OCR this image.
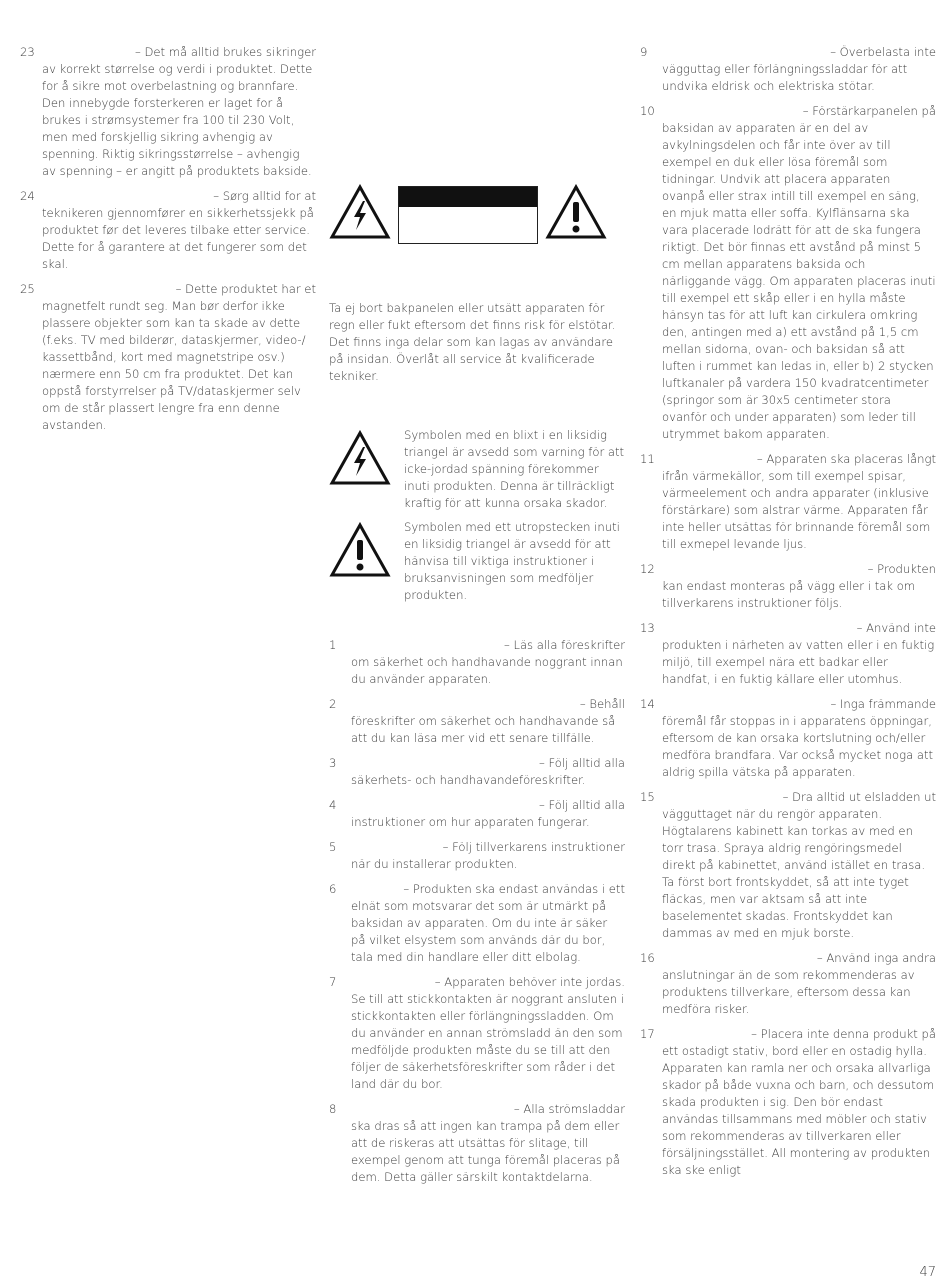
23	– Det må alltid brukes sikringer

av korrekt størrelse og verdi i produktet. Dette for å sikre mot overbelastning og brannfare. Den innebygde forsterkeren er laget for å brukes i strømsystemer fra 100 til 230 Volt, men med forskjellig sikring avhengig av spenning. Riktig sikringsstørrelse – avhengig av spenning – er angitt på produktets bakside.

24	– Sørg alltid for at

teknikeren gjennomfører en sikkerhetssjekk på produktet før det leveres tilbake etter service. Dette for å garantere at det fungerer som det skal.

25	– Dette produktet har et

magnetfelt rundt seg. Man bør derfor ikke plassere objekter som kan ta skade av dette (f.eks. TV med bilderør, dataskjermer, video-/ kassettbånd, kort med magnetstripe osv.) nærmere enn 50 cm fra produktet. Det kan oppstå forstyrrelser på TV/dataskjermer selv om de står plassert lengre fra enn denne avstanden.

Ta ej bort bakpanelen eller utsätt apparaten för regn eller fukt eftersom det finns risk för elstötar. Det finns inga delar som kan lagas av användare på insidan. Överlåt all service åt kvalificerade tekniker.

Symbolen med en blixt i en liksidig triangel är avsedd som varning för att icke-jordad spänning förekommer inuti produkten. Denna är tillräckligt kraftig för att kunna orsaka skador.

Symbolen med ett utropstecken inuti en liksidig triangel är avsedd för att hänvisa till viktiga instruktioner i bruksanvisningen som medföljer produkten.

1	– Läs alla föreskrifter

om säkerhet och handhavande noggrant innan du använder apparaten.

2	– Behåll

föreskrifter om säkerhet och handhavande så att du kan läsa mer vid ett senare tillfälle.

3	– Följ alltid alla

säkerhets- och handhavandeföreskrifter.

4	– Följ alltid alla

instruktioner om hur apparaten fungerar.

5	– Följ tillverkarens instruktioner

när du installerar produkten.

6	– Produkten ska endast användas i ett

elnät som motsvarar det som är utmärkt på baksidan av apparaten. Om du inte är säker på vilket elsystem som används där du bor, tala med din handlare eller ditt elbolag.

7	– Apparaten behöver inte jordas.

Se till att stickkontakten är noggrant ansluten i stickkontakten eller förlängningssladden. Om du använder en annan strömsladd än den som medföljde produkten måste du se till att den följer de säkerhetsföreskrifter som råder i det land där du bor.

8	– Alla strömsladdar

ska dras så att ingen kan trampa på dem eller att de riskeras att utsättas för slitage, till exempel genom att tunga föremål placeras på dem. Detta gäller särskilt kontaktdelarna.

9	– Överbelasta inte

vägguttag eller förlängningssladdar för att undvika eldrisk och elektriska stötar.

10	– Förstärkarpanelen på

baksidan av apparaten är en del av avkylningsdelen och får inte över av till exempel en duk eller lösa föremål som tidningar. Undvik att placera apparaten ovanpå eller strax intill till exempel en säng, en mjuk matta eller soffa. Kylflänsarna ska vara placerade lodrätt för att de ska fungera riktigt. Det bör finnas ett avstånd på minst 5 cm mellan apparatens baksida och närliggande vägg. Om apparaten placeras inuti till exempel ett skåp eller i en hylla måste hänsyn tas för att luft kan cirkulera omkring den, antingen med a) ett avstånd på 1,5 cm mellan sidorna, ovan- och baksidan så att luften i rummet kan ledas in, eller b) 2 stycken luftkanaler på vardera 150 kvadratcentimeter (springor som är 30x5 centimeter stora ovanför och under apparaten) som leder till utrymmet bakom apparaten.

11	– Apparaten ska placeras långt

ifrån värmekällor, som till exempel spisar, värmeelement och andra apparater (inklusive förstärkare) som alstrar värme. Apparaten får inte heller utsättas för brinnande föremål som till exmepel levande ljus.

12	– Produkten

kan endast monteras på vägg eller i tak om tillverkarens instruktioner följs.

13	– Använd inte

produkten i närheten av vatten eller i en fuktig miljö, till exempel nära ett badkar eller handfat, i en fuktig källare eller utomhus.

14	– Inga främmande

föremål får stoppas in i apparatens öppningar, eftersom de kan orsaka kortslutning och/eller medföra brandfara. Var också mycket noga att aldrig spilla vätska på apparaten.

15	– Dra alltid ut elsladden ut

vägguttaget när du rengör apparaten. Högtalarens kabinett kan torkas av med en torr trasa. Spraya aldrig rengöringsmedel direkt på kabinettet, använd istället en trasa. Ta först bort frontskyddet, så att inte tyget fläckas, men var aktsam så att inte baselementet skadas. Frontskyddet kan dammas av med en mjuk borste.

16	– Använd inga andra

anslutningar än de som rekommenderas av produktens tillverkare, eftersom dessa kan medföra risker.

17	– Placera inte denna produkt på

ett ostadigt stativ, bord eller en ostadig hylla. Apparaten kan ramla ner och orsaka allvarliga skador på både vuxna och barn, och dessutom skada produkten i sig. Den bör endast användas tillsammans med möbler och stativ som rekommenderas av tillverkaren eller försäljningsstället. All montering av produkten ska ske enligt

47
